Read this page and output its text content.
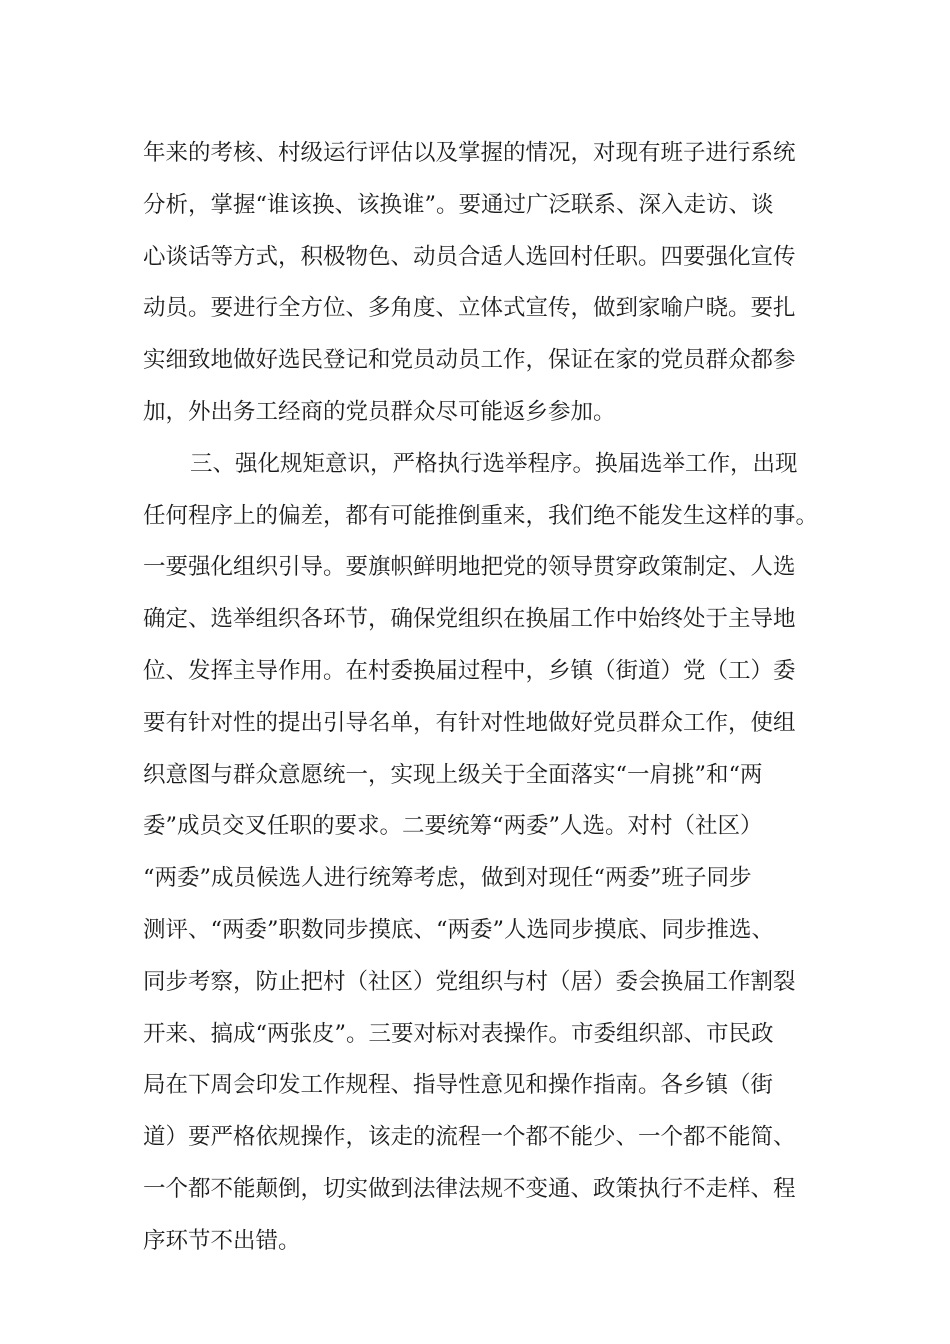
年来的考核、村级运行评估以及掌握的情况，对现有班子进行系统
分析，掌握“谁该换、该换谁”。要通过广泛联系、深入走访、谈
心谈话等方式，积极物色、动员合适人选回村任职。四要强化宣传
动员。要进行全方位、多角度、立体式宣传，做到家喻户晓。要扎
实细致地做好选民登记和党员动员工作，保证在家的党员群众都参
加，外出务工经商的党员群众尽可能返乡参加。
三、强化规矩意识，严格执行选举程序。换届选举工作，出现
任何程序上的偏差，都有可能推倒重来，我们绝不能发生这样的事。
一要强化组织引导。要旗帜鲜明地把党的领导贯穿政策制定、人选
确定、选举组织各环节，确保党组织在换届工作中始终处于主导地
位、发挥主导作用。在村委换届过程中，乡镇（街道）党（工）委
要有针对性的提出引导名单，有针对性地做好党员群众工作，使组
织意图与群众意愿统一，实现上级关于全面落实“一肩挑”和“两
委”成员交叉任职的要求。二要统筹“两委”人选。对村（社区）
“两委”成员候选人进行统筹考虑，做到对现任“两委”班子同步
测评、“两委”职数同步摸底、“两委”人选同步摸底、同步推选、
同步考察，防止把村（社区）党组织与村（居）委会换届工作割裂
开来、搞成“两张皮”。三要对标对表操作。市委组织部、市民政
局在下周会印发工作规程、指导性意见和操作指南。各乡镇（街
道）要严格依规操作，该走的流程一个都不能少、一个都不能简、
一个都不能颠倒，切实做到法律法规不变通、政策执行不走样、程
序环节不出错。
